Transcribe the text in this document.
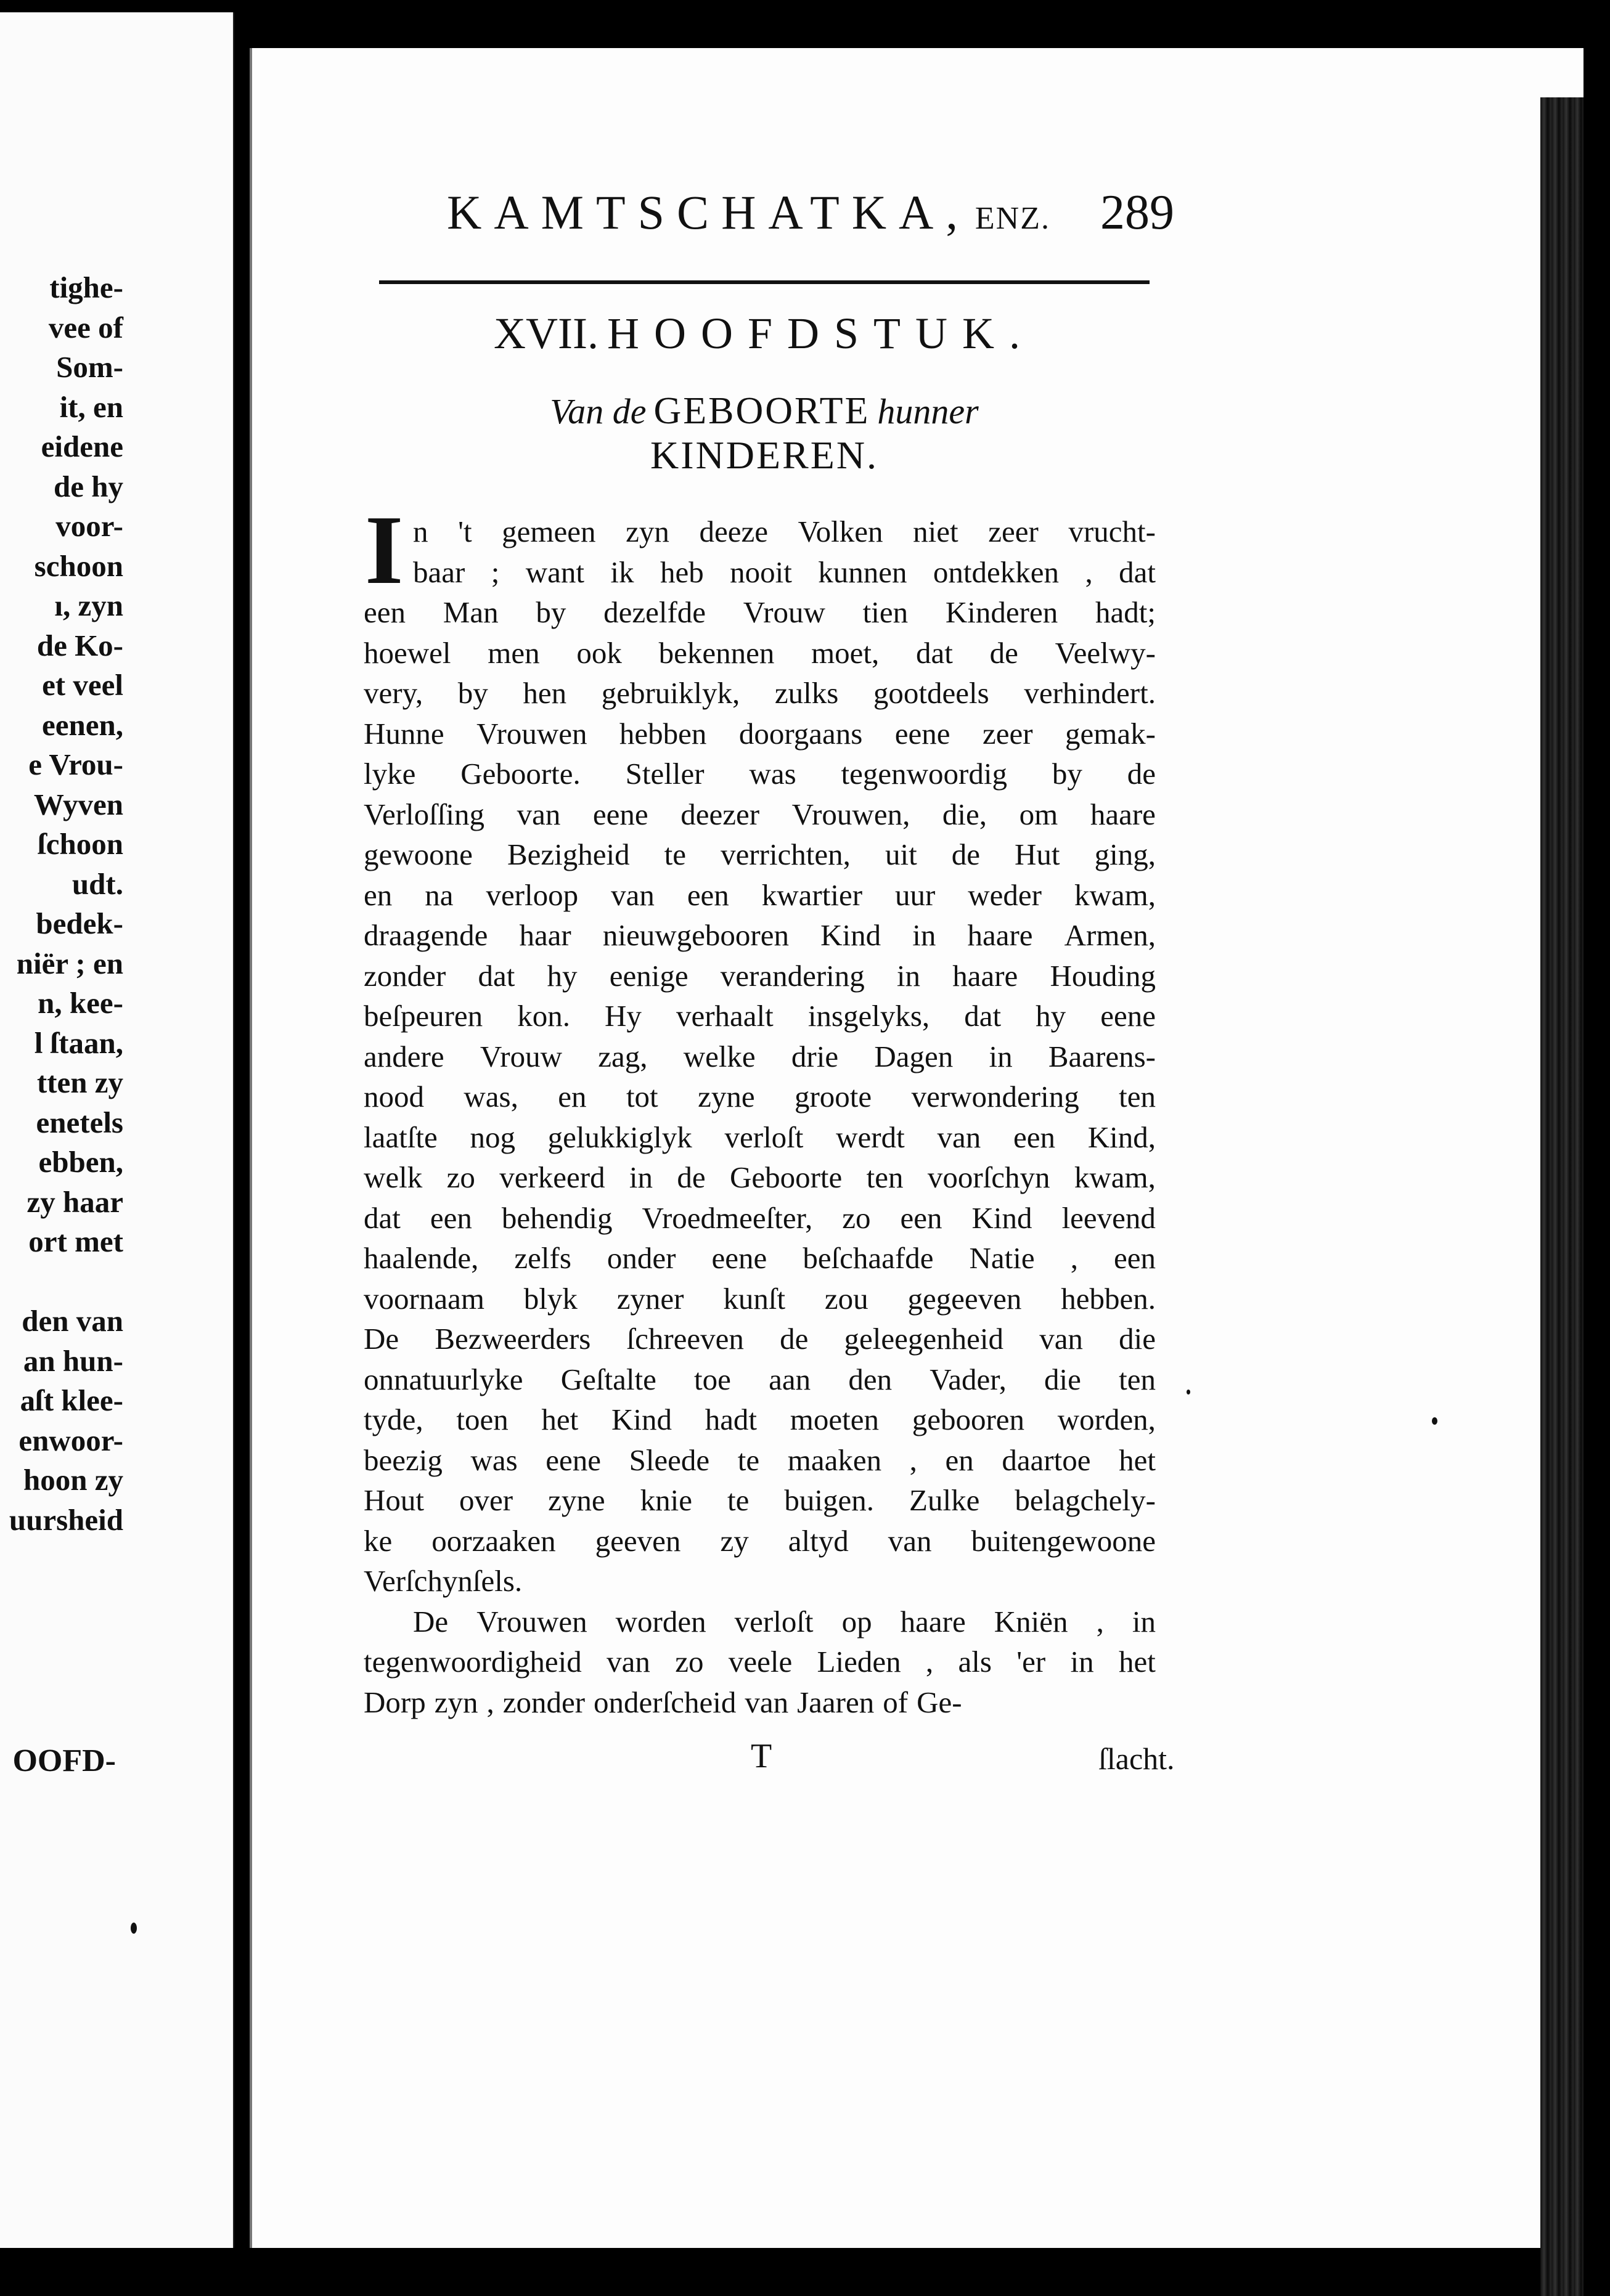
tighe-
vee of
Som-
it, en
eidene
de hy
voor-
schoon
ı, zyn
de Ko-
et veel
eenen,
e Vrou-
Wyven
ſchoon
udt.
bedek-
niër ; en
n, kee-
l ſtaan,
tten zy
enetels
ebben,
zy haar
ort met
den van
an hun-
aſt klee-
enwoor-
hoon zy
uursheid
OOFD-
KAMTSCHATKA, ENZ.	289
XVII. HOOFDSTUK.
Van de GEBOORTE hunner
KINDEREN.
I n 't gemeen zyn deeze Volken niet zeer vrucht-
baar ; want ik heb nooit kunnen ontdekken , dat
een Man by dezelfde Vrouw tien Kinderen hadt;
hoewel men ook bekennen moet, dat de Veelwy-
very, by hen gebruiklyk, zulks gootdeels verhindert.
Hunne Vrouwen hebben doorgaans eene zeer gemak-
lyke Geboorte. Steller was tegenwoordig by de
Verloſſing van eene deezer Vrouwen, die, om haare
gewoone Bezigheid te verrichten, uit de Hut ging,
en na verloop van een kwartier uur weder kwam,
draagende haar nieuwgebooren Kind in haare Armen,
zonder dat hy eenige verandering in haare Houding
beſpeuren kon. Hy verhaalt insgelyks, dat hy eene
andere Vrouw zag, welke drie Dagen in Baarens-
nood was, en tot zyne groote verwondering ten
laatſte nog gelukkiglyk verloſt werdt van een Kind,
welk zo verkeerd in de Geboorte ten voorſchyn kwam,
dat een behendig Vroedmeeſter, zo een Kind leevend
haalende, zelfs onder eene beſchaafde Natie , een
voornaam blyk zyner kunſt zou gegeeven hebben.
De Bezweerders ſchreeven de geleegenheid van die
onnatuurlyke Geſtalte toe aan den Vader, die ten
tyde, toen het Kind hadt moeten gebooren worden,
beezig was eene Sleede te maaken , en daartoe het
Hout over zyne knie te buigen. Zulke belagchely-
ke oorzaaken geeven zy altyd van buitengewoone
Verſchynſels.
De Vrouwen worden verloſt op haare Kniën , in
tegenwoordigheid van zo veele Lieden , als 'er in het
Dorp zyn , zonder onderſcheid van Jaaren of Ge-
T	ſlacht.
